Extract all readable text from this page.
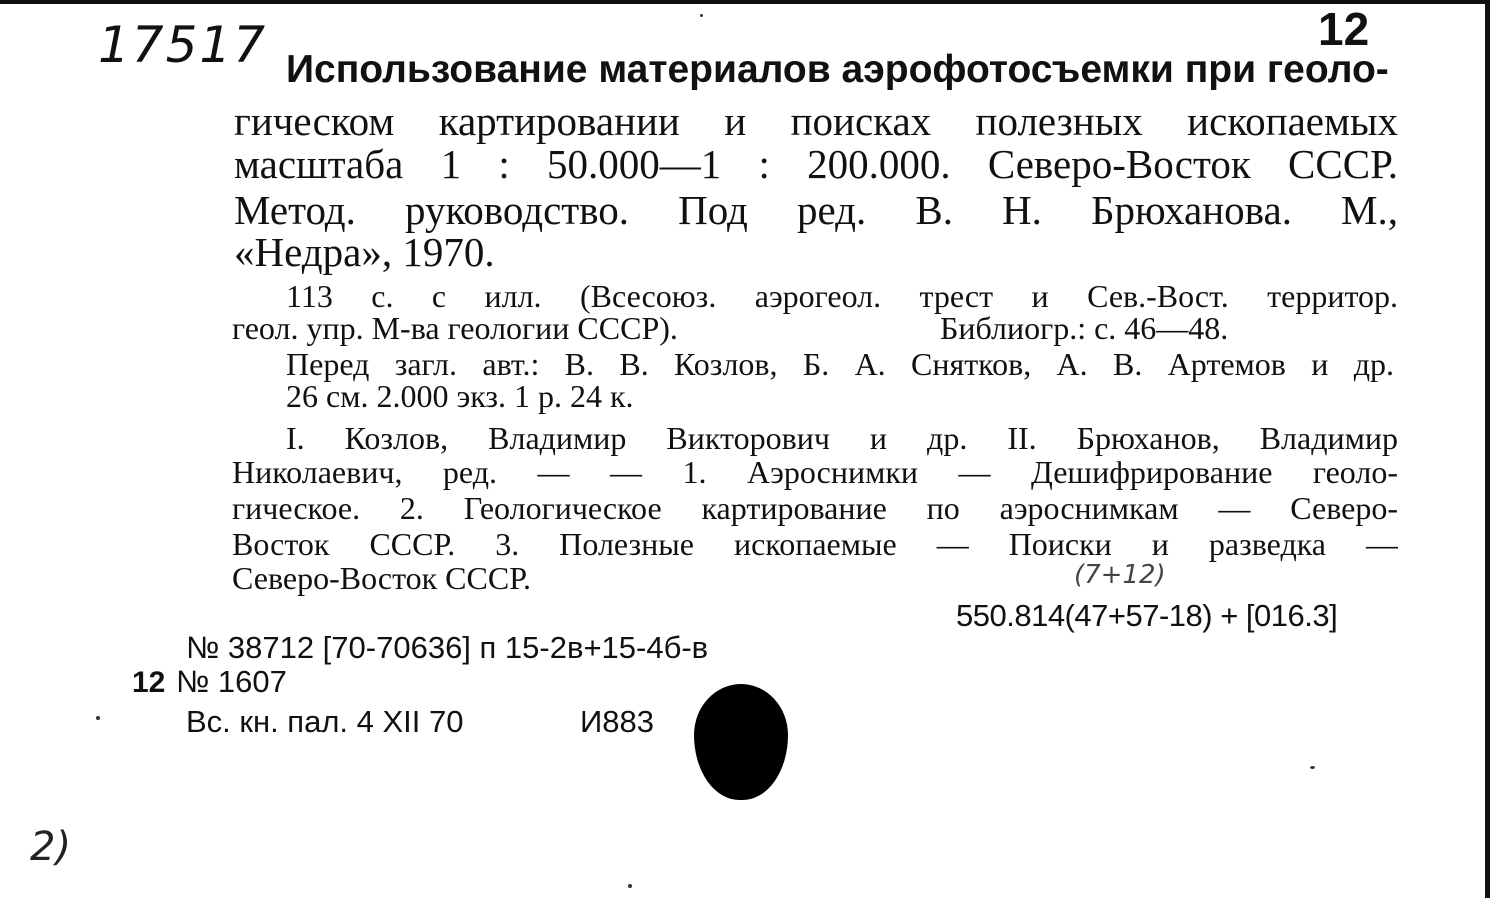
17517	12
Использование материалов аэрофотосъемки при геоло-
гическом картировании и поисках полезных ископаемых
масштаба 1 : 50.000—1 : 200.000. Северо-Восток СССР.
Метод. руководство. Под ред. В. Н. Брюханова. М.,
«Недра», 1970.
113 с. с илл. (Всесоюз. аэрогеол. трест и Сев.-Вост. территор.
геол. упр. М-ва геологии СССР).	Библиогр.: с. 46—48.
Перед загл. авт.: В. В. Козлов, Б. А. Снятков, А. В. Артемов и др.
26 см. 2.000 экз. 1 р. 24 к.
I. Козлов, Владимир Викторович и др. II. Брюханов, Владимир
Николаевич, ред. — — 1. Аэроснимки — Дешифрирование геоло-
гическое. 2. Геологическое картирование по аэроснимкам — Северо-
Восток СССР. 3. Полезные ископаемые — Поиски и разведка —
Северо-Восток СССР.	(7+12)
550.814(47+57-18) + [016.3]
№ 38712 [70-70636] п 15-2в+15-4б-в
12 № 1607
Вс. кн. пал. 4 XII 70	И883
2)
